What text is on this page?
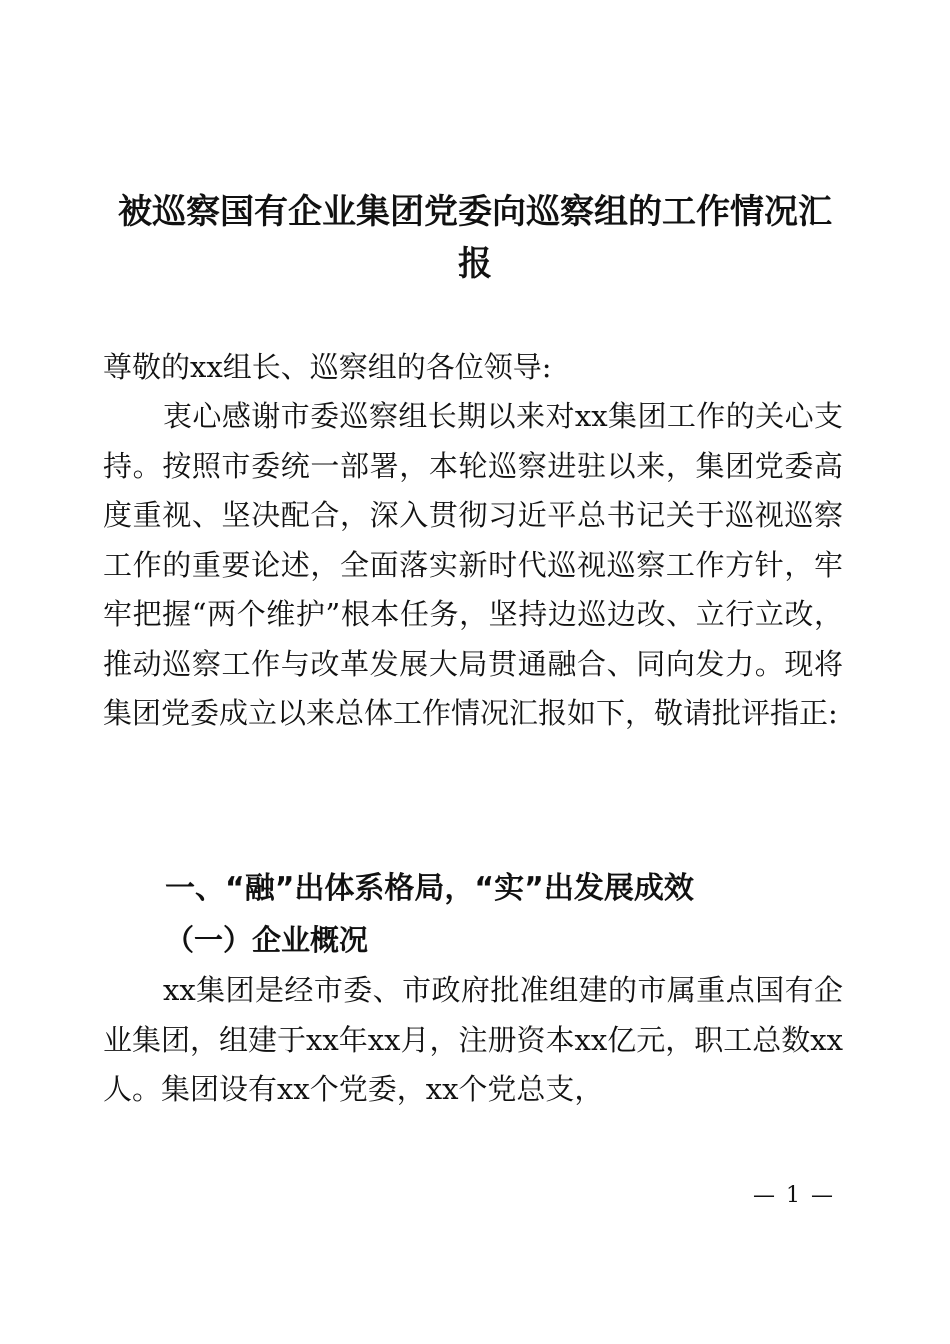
被巡察国有企业集团党委向巡察组的工作情况汇
报

尊敬的xx组长、巡察组的各位领导:

衷心感谢市委巡察组长期以来对xx集团工作的关心支持。按照市委统一部署，本轮巡察进驻以来，集团党委高度重视、坚决配合，深入贯彻习近平总书记关于巡视巡察工作的重要论述，全面落实新时代巡视巡察工作方针，牢牢把握“两个维护”根本任务，坚持边巡边改、立行立改，推动巡察工作与改革发展大局贯通融合、同向发力。现将集团党委成立以来总体工作情况汇报如下，敬请批评指正:

一、“融”出体系格局，“实”出发展成效
（一）企业概况

xx集团是经市委、市政府批准组建的市属重点国有企业集团，组建于xx年xx月，注册资本xx亿元，职工总数xx人。集团设有xx个党委，xx个党总支，

— 1 —
